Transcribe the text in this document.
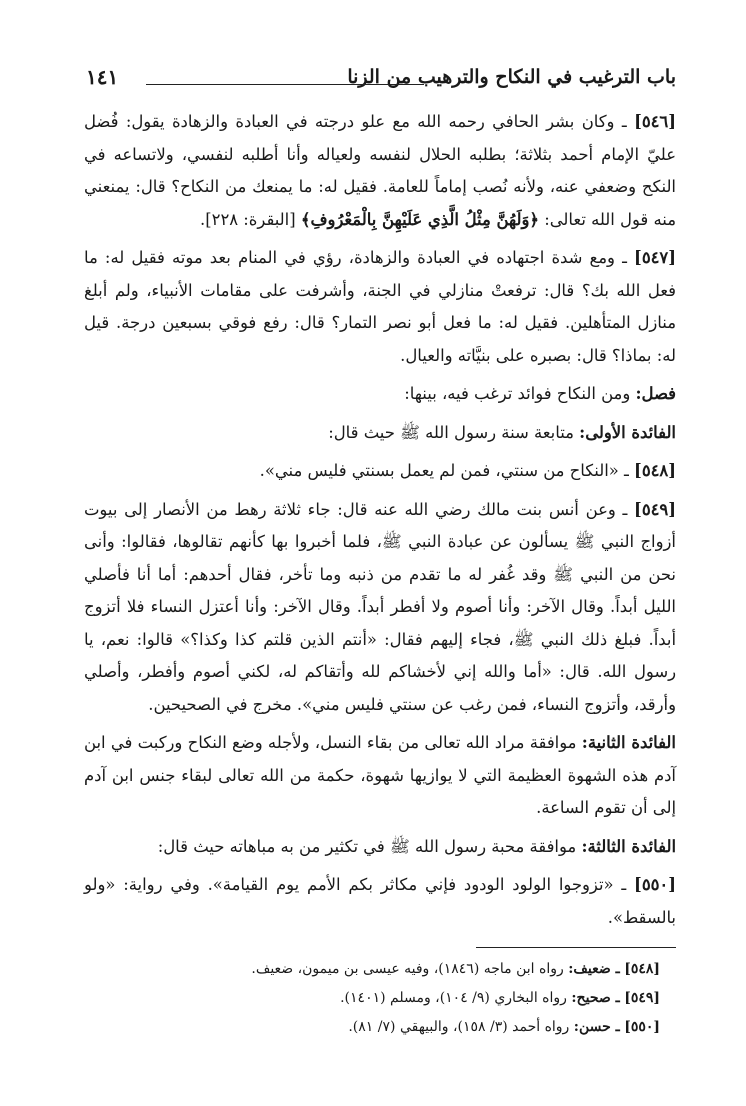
باب الترغيب في النكاح والترهيب من الزنا
١٤١

[٥٤٦] ـ وكان بشر الحافي رحمه الله مع علو درجته في العبادة والزهادة يقول: فُضل عليّ الإمام أحمد بثلاثة؛ بطلبه الحلال لنفسه ولعياله وأنا أطلبه لنفسي، ولاتساعه في النكح وضعفي عنه، ولأنه نُصب إماماً للعامة. فقيل له: ما يمنعك من النكاح؟ قال: يمنعني منه قول الله تعالى: ﴿وَلَهُنَّ مِثْلُ الَّذِي عَلَيْهِنَّ بِالْمَعْرُوفِ﴾ [البقرة: ٢٢٨].

[٥٤٧] ـ ومع شدة اجتهاده في العبادة والزهادة، رؤي في المنام بعد موته فقيل له: ما فعل الله بك؟ قال: ترفعتْ منازلي في الجنة، وأشرفت على مقامات الأنبياء، ولم أبلغ منازل المتأهلين. فقيل له: ما فعل أبو نصر التمار؟ قال: رفع فوقي بسبعين درجة. قيل له: بماذا؟ قال: بصبره على بنيَّاته والعيال.

فصل: ومن النكاح فوائد ترغب فيه، بينها:

الفائدة الأولى: متابعة سنة رسول الله ﷺ حيث قال:

[٥٤٨] ـ «النكاح من سنتي، فمن لم يعمل بسنتي فليس مني».

[٥٤٩] ـ وعن أنس بنت مالك رضي الله عنه قال: جاء ثلاثة رهط من الأنصار إلى بيوت أزواج النبي ﷺ يسألون عن عبادة النبي ﷺ، فلما أخبروا بها كأنهم تقالوها، فقالوا: وأنى نحن من النبي ﷺ وقد غُفر له ما تقدم من ذنبه وما تأخر، فقال أحدهم: أما أنا فأصلي الليل أبداً. وقال الآخر: وأنا أصوم ولا أفطر أبداً. وقال الآخر: وأنا أعتزل النساء فلا أتزوج أبداً. فبلغ ذلك النبي ﷺ، فجاء إليهم فقال: «أنتم الذين قلتم كذا وكذا؟» قالوا: نعم، يا رسول الله. قال: «أما والله إني لأخشاكم لله وأتقاكم له، لكني أصوم وأفطر، وأصلي وأرقد، وأتزوج النساء، فمن رغب عن سنتي فليس مني». مخرج في الصحيحين.

الفائدة الثانية: موافقة مراد الله تعالى من بقاء النسل، ولأجله وضع النكاح وركبت في ابن آدم هذه الشهوة العظيمة التي لا يوازيها شهوة، حكمة من الله تعالى لبقاء جنس ابن آدم إلى أن تقوم الساعة.

الفائدة الثالثة: موافقة محبة رسول الله ﷺ في تكثير من به مباهاته حيث قال:

[٥٥٠] ـ «تزوجوا الولود الودود فإني مكاثر بكم الأمم يوم القيامة». وفي رواية: «ولو بالسقط».

[٥٤٨] ـ ضعيف: رواه ابن ماجه (١٨٤٦)، وفيه عيسى بن ميمون، ضعيف.

[٥٤٩] ـ صحيح: رواه البخاري (٩/ ١٠٤)، ومسلم (١٤٠١).

[٥٥٠] ـ حسن: رواه أحمد (٣/ ١٥٨)، والبيهقي (٧/ ٨١).
